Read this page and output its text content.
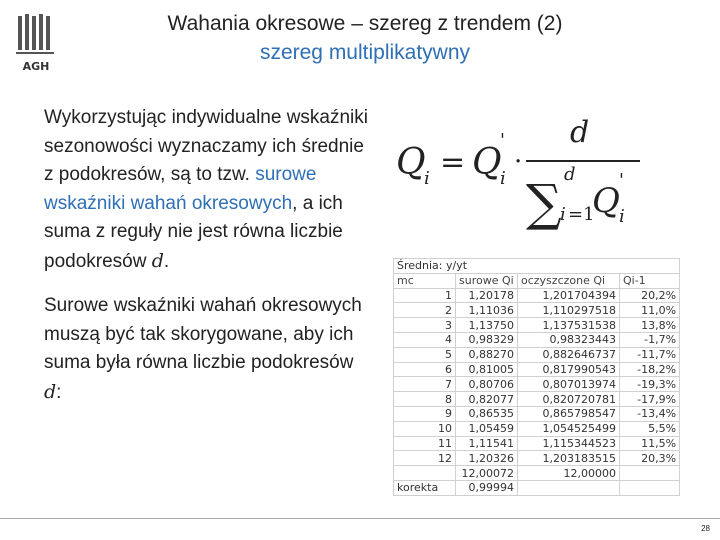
AGH
Wahania okresowe – szereg z trendem (2)
szereg multiplikatywny

Wykorzystując indywidualne wskaźniki sezonowości wyznaczamy ich średnie z podokresów, są to tzw. surowe wskaźniki wahań okresowych, a ich suma z reguły nie jest równa liczbie podokresów d.

Surowe wskaźniki wahań okresowych muszą być tak skorygowane, aby ich suma była równa liczbie podokresów d:

Q
i = Q
i
'
·
d
∑ d
i =1
Q i
'
Średnia: y/yt			
mc	surowe Qi	oczyszczone Qi	Qi-1
1	1,20178	1,201704394	20,2%
2	1,11036	1,110297518	11,0%
3	1,13750	1,137531538	13,8%
4	0,98329	0,98323443	-1,7%
5	0,88270	0,882646737	-11,7%
6	0,81005	0,817990543	-18,2%
7	0,80706	0,807013974	-19,3%
8	0,82077	0,820720781	-17,9%
9	0,86535	0,865798547	-13,4%
10	1,05459	1,054525499	5,5%
11	1,11541	1,115344523	11,5%
12	1,20326	1,203183515	20,3%
	12,00072	12,00000	
korekta	0,99994		
28
